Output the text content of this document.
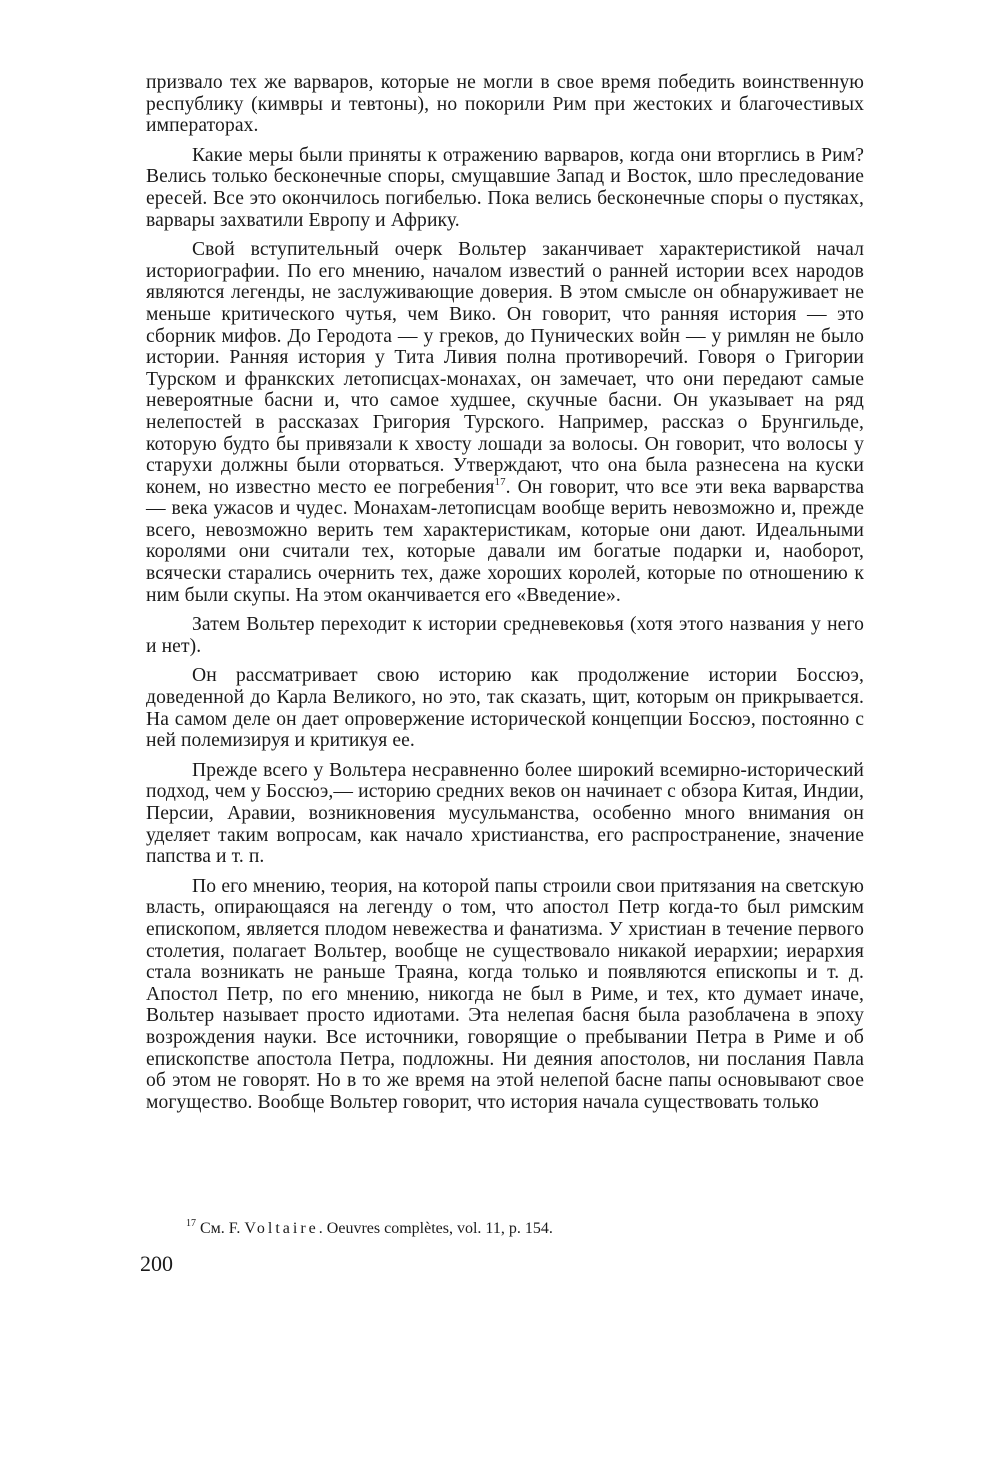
призвало тех же варваров, которые не могли в свое время победить воинственную республику (кимвры и тевтоны), но покорили Рим при жестоких и благочестивых императорах.

Какие меры были приняты к отражению варваров, когда они вторглись в Рим? Велись только бесконечные споры, смущавшие Запад и Восток, шло преследование ересей. Все это окончилось погибелью. Пока велись бесконечные споры о пустяках, варвары захватили Европу и Африку.

Свой вступительный очерк Вольтер заканчивает характеристикой начал историографии. По его мнению, началом известий о ранней истории всех народов являются легенды, не заслуживающие доверия. В этом смысле он обнаруживает не меньше критического чутья, чем Вико. Он говорит, что ранняя история — это сборник мифов. До Геродота — у греков, до Пунических войн — у римлян не было истории. Ранняя история у Тита Ливия полна противоречий. Говоря о Григории Турском и франкских летописцах-монахах, он замечает, что они передают самые невероятные басни и, что самое худшее, скучные басни. Он указывает на ряд нелепостей в рассказах Григория Турского. Например, рассказ о Брунгильде, которую будто бы привязали к хвосту лошади за волосы. Он говорит, что волосы у старухи должны были оторваться. Утверждают, что она была разнесена на куски конем, но известно место ее погребения$^{17}$. Он говорит, что все эти века варварства — века ужасов и чудес. Монахам-летописцам вообще верить невозможно и, прежде всего, невозможно верить тем характеристикам, которые они дают. Идеальными королями они считали тех, которые давали им богатые подарки и, наоборот, всячески старались очернить тех, даже хороших королей, которые по отношению к ним были скупы. На этом оканчивается его «Введение».

Затем Вольтер переходит к истории средневековья (хотя этого названия у него и нет).

Он рассматривает свою историю как продолжение истории Боссюэ, доведенной до Карла Великого, но это, так сказать, щит, которым он прикрывается. На самом деле он дает опровержение исторической концепции Боссюэ, постоянно с ней полемизируя и критикуя ее.

Прежде всего у Вольтера несравненно более широкий всемирно-исторический подход, чем у Боссюэ,— историю средних веков он начинает с обзора Китая, Индии, Персии, Аравии, возникновения мусульманства, особенно много внимания он уделяет таким вопросам, как начало христианства, его распространение, значение папства и т. п.

По его мнению, теория, на которой папы строили свои притязания на светскую власть, опирающаяся на легенду о том, что апостол Петр когда-то был римским епископом, является плодом невежества и фанатизма. У христиан в течение первого столетия, полагает Вольтер, вообще не существовало никакой иерархии; иерархия стала возникать не раньше Траяна, когда только и появляются епископы и т. д. Апостол Петр, по его мнению, никогда не был в Риме, и тех, кто думает иначе, Вольтер называет просто идиотами. Эта нелепая басня была разоблачена в эпоху возрождения науки. Все источники, говорящие о пребывании Петра в Риме и об епископстве апостола Петра, подложны. Ни деяния апостолов, ни послания Павла об этом не говорят. Но в то же время на этой нелепой басне папы основывают свое могущество. Вообще Вольтер говорит, что история начала существовать только

$^{17}$ См. F. Voltaire. Oeuvres complètes, vol. 11, p. 154.
200
